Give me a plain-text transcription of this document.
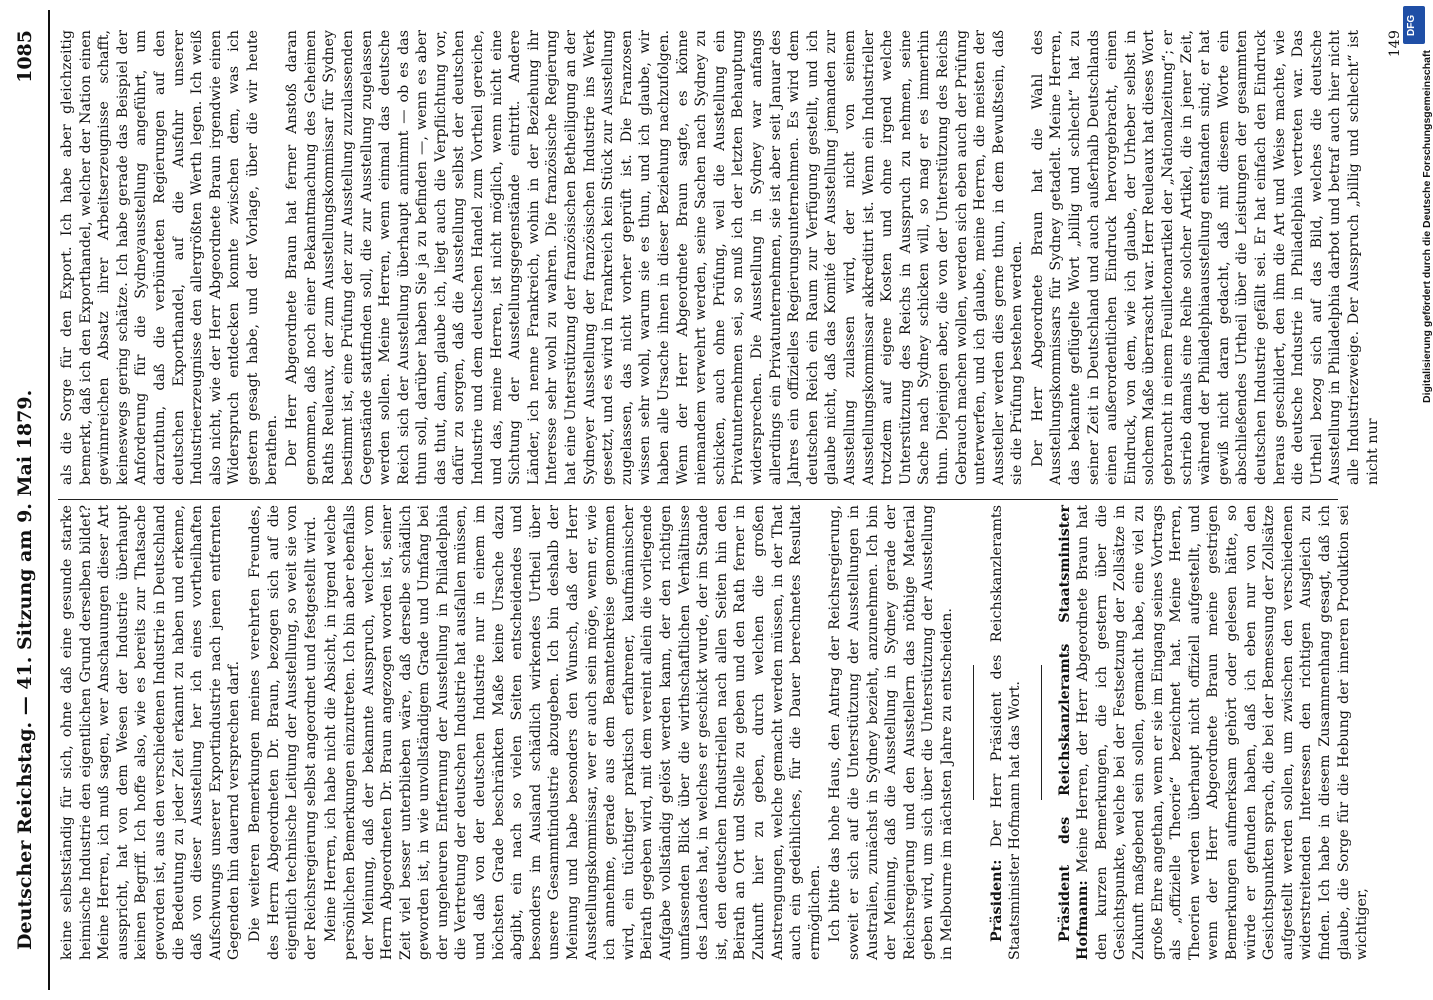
Deutscher Reichstag. — 41. Sitzung am 9. Mai 1879.
1085

keine selbstständig für sich, ohne daß eine gesunde starke heimische Industrie den eigentlichen Grund derselben bildet? Meine Herren, ich muß sagen, wer Anschauungen dieser Art ausspricht, hat von dem Wesen der Industrie überhaupt keinen Begriff. Ich hoffe also, wie es bereits zur Thatsache geworden ist, aus den verschiedenen Industrie in Deutschland die Bedeutung zu jeder Zeit erkannt zu haben und erkenne, daß von dieser Ausstellung her ich eines vortheilhaften Aufschwungs unserer Exportindustrie nach jenen entfernten Gegenden hin dauernd versprechen darf. Die weiteren Bemerkungen meines verehrten Freundes, des Herrn Abgeordneten Dr. Braun, bezogen sich auf die eigentlich technische Leitung der Ausstellung, so weit sie von der Reichsregierung selbst angeordnet und festgestellt wird. Meine Herren, ich habe nicht die Absicht, in irgend welche persönlichen Bemerkungen einzutreten. Ich bin aber ebenfalls der Meinung, daß der bekannte Ausspruch, welcher vom Herrn Abgeordneten Dr. Braun angezogen worden ist, seiner Zeit viel besser unterblieben wäre, daß derselbe schädlich geworden ist, in wie unvollständigem Grade und Umfang bei der ungeheuren Entfernung der Ausstellung in Philadelphia die Vertretung der deutschen Industrie hat ausfallen müssen, und daß von der deutschen Industrie nur in einem im höchsten Grade beschränkten Maße keine Ursache dazu abgibt, ein nach so vielen Seiten entscheidendes und besonders im Ausland schädlich wirkendes Urtheil über unsere Gesammtindustrie abzugeben. Ich bin deshalb der Meinung und habe besonders den Wunsch, daß der Herr Ausstellungskommissar, wer er auch sein möge, wenn er, wie ich annehme, gerade aus dem Beamtenkreise genommen wird, ein tüchtiger praktisch erfahrener, kaufmännischer Beirath gegeben wird, mit dem vereint allein die vorliegende Aufgabe vollständig gelöst werden kann, der den richtigen umfassenden Blick über die wirthschaftlichen Verhältnisse des Landes hat, in welches er geschickt wurde, der im Stande ist, den deutschen Industriellen nach allen Seiten hin den Beirath an Ort und Stelle zu geben und den Rath ferner in Zukunft hier zu geben, durch welchen die großen Anstrengungen, welche gemacht werden müssen, in der That auch ein gedeihliches, für die Dauer berechnetes Resultat ermöglichen. Ich bitte das hohe Haus, den Antrag der Reichsregierung, soweit er sich auf die Unterstützung der Ausstellungen in Australien, zunächst in Sydney bezieht, anzunehmen. Ich bin der Meinung, daß die Ausstellung in Sydney gerade der Reichsregierung und den Ausstellern das nöthige Material geben wird, um sich über die Unterstützung der Ausstellung in Melbourne im nächsten Jahre zu entscheiden. Präsident: Der Herr Präsident des Reichskanzleramts Staatsminister Hofmann hat das Wort. Präsident des Reichskanzleramts Staatsminister Hofmann: Meine Herren, der Herr Abgeordnete Braun hat den kurzen Bemerkungen, die ich gestern über die Gesichtspunkte, welche bei der Festsetzung der Zollsätze in Zukunft maßgebend sein sollen, gemacht habe, eine viel zu große Ehre angethan, wenn er sie im Eingang seines Vortrags als „offizielle Theorie“ bezeichnet hat. Meine Herren, Theorien werden überhaupt nicht offiziell aufgestellt, und wenn der Herr Abgeordnete Braun meine gestrigen Bemerkungen aufmerksam gehört oder gelesen hätte, so würde er gefunden haben, daß ich eben nur von den Gesichtspunkten sprach, die bei der Bemessung der Zollsätze aufgestellt werden sollen, um zwischen den verschiedenen widerstreitenden Interessen den richtigen Ausgleich zu finden. Ich habe in diesem Zusammenhang gesagt, daß ich glaube, die Sorge für die Hebung der inneren Produktion sei wichtiger,

als die Sorge für den Export. Ich habe aber gleichzeitig bemerkt, daß ich den Exporthandel, welcher der Nation einen gewinnreichen Absatz ihrer Arbeitserzeugnisse schafft, keineswegs gering schätze. Ich habe gerade das Beispiel der Anforderung für die Sydneyausstellung angeführt, um darzuthun, daß die verbündeten Regierungen auf den deutschen Exporthandel, auf die Ausfuhr unserer Industrieerzeugnisse den allergrößten Werth legen. Ich weiß also nicht, wie der Herr Abgeordnete Braun irgendwie einen Widerspruch entdecken konnte zwischen dem, was ich gestern gesagt habe, und der Vorlage, über die wir heute berathen. Der Herr Abgeordnete Braun hat ferner Anstoß daran genommen, daß noch einer Bekanntmachung des Geheimen Raths Reuleaux, der zum Ausstellungskommissar für Sydney bestimmt ist, eine Prüfung der zur Ausstellung zuzulassenden Gegenstände stattfinden soll, die zur Ausstellung zugelassen werden sollen. Meine Herren, wenn einmal das deutsche Reich sich der Ausstellung überhaupt annimmt — ob es das thun soll, darüber haben Sie ja zu befinden —, wenn es aber das thut, dann, glaube ich, liegt auch die Verpflichtung vor, dafür zu sorgen, daß die Ausstellung selbst der deutschen Industrie und dem deutschen Handel zum Vortheil gereiche, und das, meine Herren, ist nicht möglich, wenn nicht eine Sichtung der Ausstellungsgegenstände eintritt. Andere Länder, ich nenne Frankreich, wohin in der Beziehung ihr Interesse sehr wohl zu wahren. Die französische Regierung hat eine Unterstützung der französischen Betheiligung an der Sydneyer Ausstellung der französischen Industrie ins Werk gesetzt, und es wird in Frankreich kein Stück zur Ausstellung zugelassen, das nicht vorher geprüft ist. Die Franzosen wissen sehr wohl, warum sie es thun, und ich glaube, wir haben alle Ursache ihnen in dieser Beziehung nachzufolgen. Wenn der Herr Abgeordnete Braun sagte, es könne niemandem verwehrt werden, seine Sachen nach Sydney zu schicken, auch ohne Prüfung, weil die Ausstellung ein Privatunternehmen sei, so muß ich der letzten Behauptung widersprechen. Die Ausstellung in Sydney war anfangs allerdings ein Privatunternehmen, sie ist aber seit Januar des Jahres ein offizielles Regierungsunternehmen. Es wird dem deutschen Reich ein Raum zur Verfügung gestellt, und ich glaube nicht, daß das Komité der Ausstellung jemanden zur Ausstellung zulassen wird, der nicht von seinem Ausstellungskommissar akkreditirt ist. Wenn ein Industrieller trotzdem auf eigene Kosten und ohne irgend welche Unterstützung des Reichs in Ausspruch zu nehmen, seine Sache nach Sydney schicken will, so mag er es immerhin thun. Diejenigen aber, die von der Unterstützung des Reichs Gebrauch machen wollen, werden sich eben auch der Prüfung unterwerfen, und ich glaube, meine Herren, die meisten der Aussteller werden dies gerne thun, in dem Bewußtsein, daß sie die Prüfung bestehen werden. Der Herr Abgeordnete Braun hat die Wahl des Ausstellungskommissars für Sydney getadelt. Meine Herren, das bekannte geflügelte Wort „billig und schlecht“ hat zu seiner Zeit in Deutschland und auch außerhalb Deutschlands einen außerordentlichen Eindruck hervorgebracht, einen Eindruck, von dem, wie ich glaube, der Urheber selbst in solchem Maße überrascht war. Herr Reuleaux hat dieses Wort gebraucht in einem Feuilletonartikel der „Nationalzeitung“; er schrieb damals eine Reihe solcher Artikel, die in jener Zeit, während der Philadelphiaausstellung entstanden sind; er hat gewiß nicht daran gedacht, daß mit diesem Worte ein abschließendes Urtheil über die Leistungen der gesammten deutschen Industrie gefällt sei. Er hat einfach den Eindruck heraus geschildert, den ihm die Art und Weise machte, wie die deutsche Industrie in Philadelphia vertreten war. Das Urtheil bezog sich auf das Bild, welches die deutsche Ausstellung in Philadelphia darbot und betraf auch hier nicht alle Industriezweige. Der Ausspruch „billig und schlecht“ ist nicht nur

149

DFG
Digitalisierung gefördert durch die Deutsche Forschungsgemeinschaft
